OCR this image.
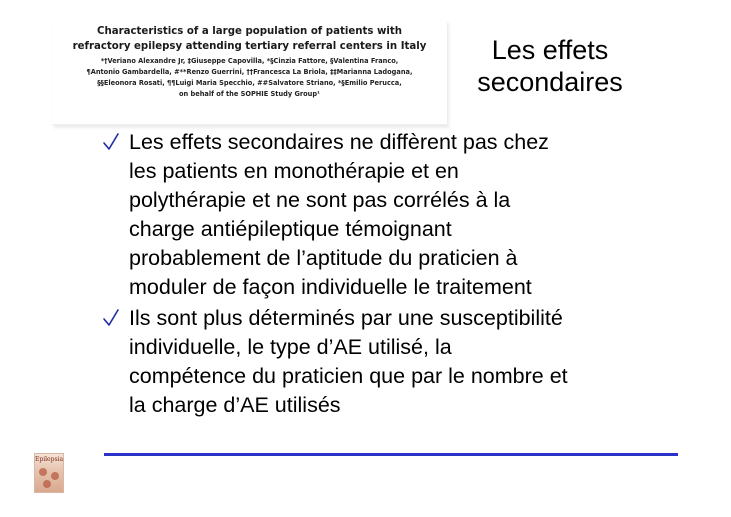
Characteristics of a large population of patients with
refractory epilepsy attending tertiary referral centers in Italy
*†Veriano Alexandre Jr, ‡Giuseppe Capovilla, *§Cinzia Fattore, §Valentina Franco,
¶Antonio Gambardella, #**Renzo Guerrini, ††Francesca La Briola, ‡‡Marianna Ladogana,
§§Eleonora Rosati, ¶¶Luigi Maria Specchio, ##Salvatore Striano, *§Emilio Perucca,
on behalf of the SOPHIE Study Group¹
Les effets
secondaires
Les effets secondaires ne diffèrent pas chez
les patients en monothérapie et en
polythérapie et ne sont pas corrélés à la
charge antiépileptique témoignant
probablement de l’aptitude du praticien à
moduler de façon individuelle le traitement
Ils sont plus déterminés par une susceptibilité
individuelle, le type d’AE utilisé, la
compétence du praticien que par le nombre et
la charge d’AE utilisés
Epilepsia
